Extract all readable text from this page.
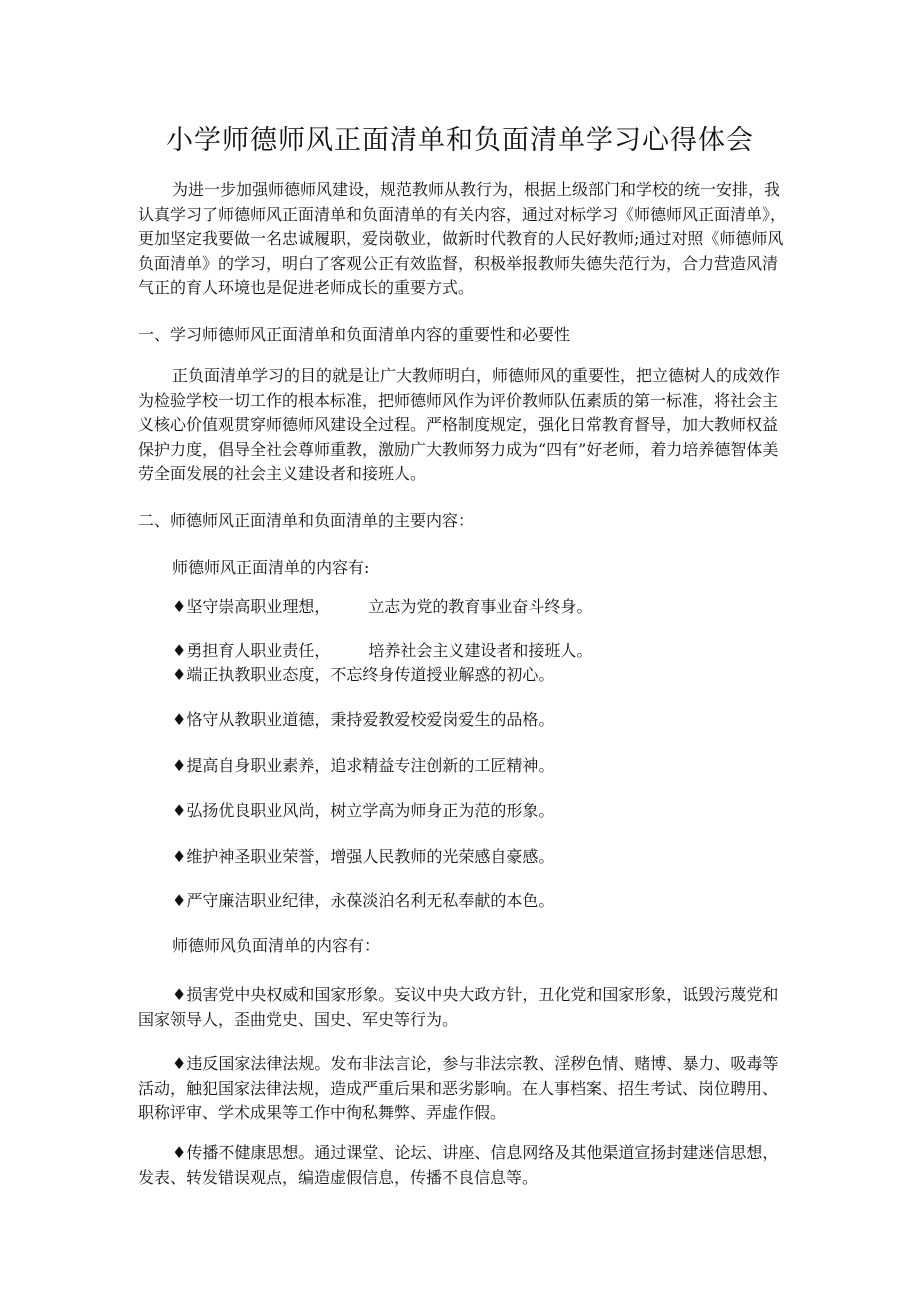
小学师德师风正面清单和负面清单学习心得体会

为进一步加强师德师风建设，规范教师从教行为，根据上级部门和学校的统一安排，我认真学习了师德师风正面清单和负面清单的有关内容，通过对标学习《师德师风正面清单》，更加坚定我要做一名忠诚履职，爱岗敬业，做新时代教育的人民好教师;通过对照《师德师风负面清单》的学习，明白了客观公正有效监督，积极举报教师失德失范行为，合力营造风清气正的育人环境也是促进老师成长的重要方式。

一、学习师德师风正面清单和负面清单内容的重要性和必要性

正负面清单学习的目的就是让广大教师明白，师德师风的重要性，把立德树人的成效作为检验学校一切工作的根本标准，把师德师风作为评价教师队伍素质的第一标准，将社会主义核心价值观贯穿师德师风建设全过程。严格制度规定，强化日常教育督导，加大教师权益保护力度，倡导全社会尊师重教，激励广大教师努力成为“四有”好老师，着力培养德智体美劳全面发展的社会主义建设者和接班人。

二、师德师风正面清单和负面清单的主要内容：

师德师风正面清单的内容有:

♦坚守崇高职业理想， 立志为党的教育事业奋斗终身。

♦勇担育人职业责任， 培养社会主义建设者和接班人。

♦端正执教职业态度，不忘终身传道授业解惑的初心。

♦恪守从教职业道德，秉持爱教爱校爱岗爱生的品格。

♦提高自身职业素养，追求精益专注创新的工匠精神。

♦弘扬优良职业风尚，树立学高为师身正为范的形象。

♦维护神圣职业荣誉，增强人民教师的光荣感自豪感。

♦严守廉洁职业纪律，永葆淡泊名利无私奉献的本色。

师德师风负面清单的内容有：

♦损害党中央权威和国家形象。妄议中央大政方针，丑化党和国家形象，诋毁污蔑党和国家领导人，歪曲党史、国史、军史等行为。

♦违反国家法律法规。发布非法言论，参与非法宗教、淫秽色情、赌博、暴力、吸毒等活动，触犯国家法律法规，造成严重后果和恶劣影响。在人事档案、招生考试、岗位聘用、职称评审、学术成果等工作中徇私舞弊、弄虚作假。

♦传播不健康思想。通过课堂、论坛、讲座、信息网络及其他渠道宣扬封建迷信思想，发表、转发错误观点，编造虚假信息，传播不良信息等。
